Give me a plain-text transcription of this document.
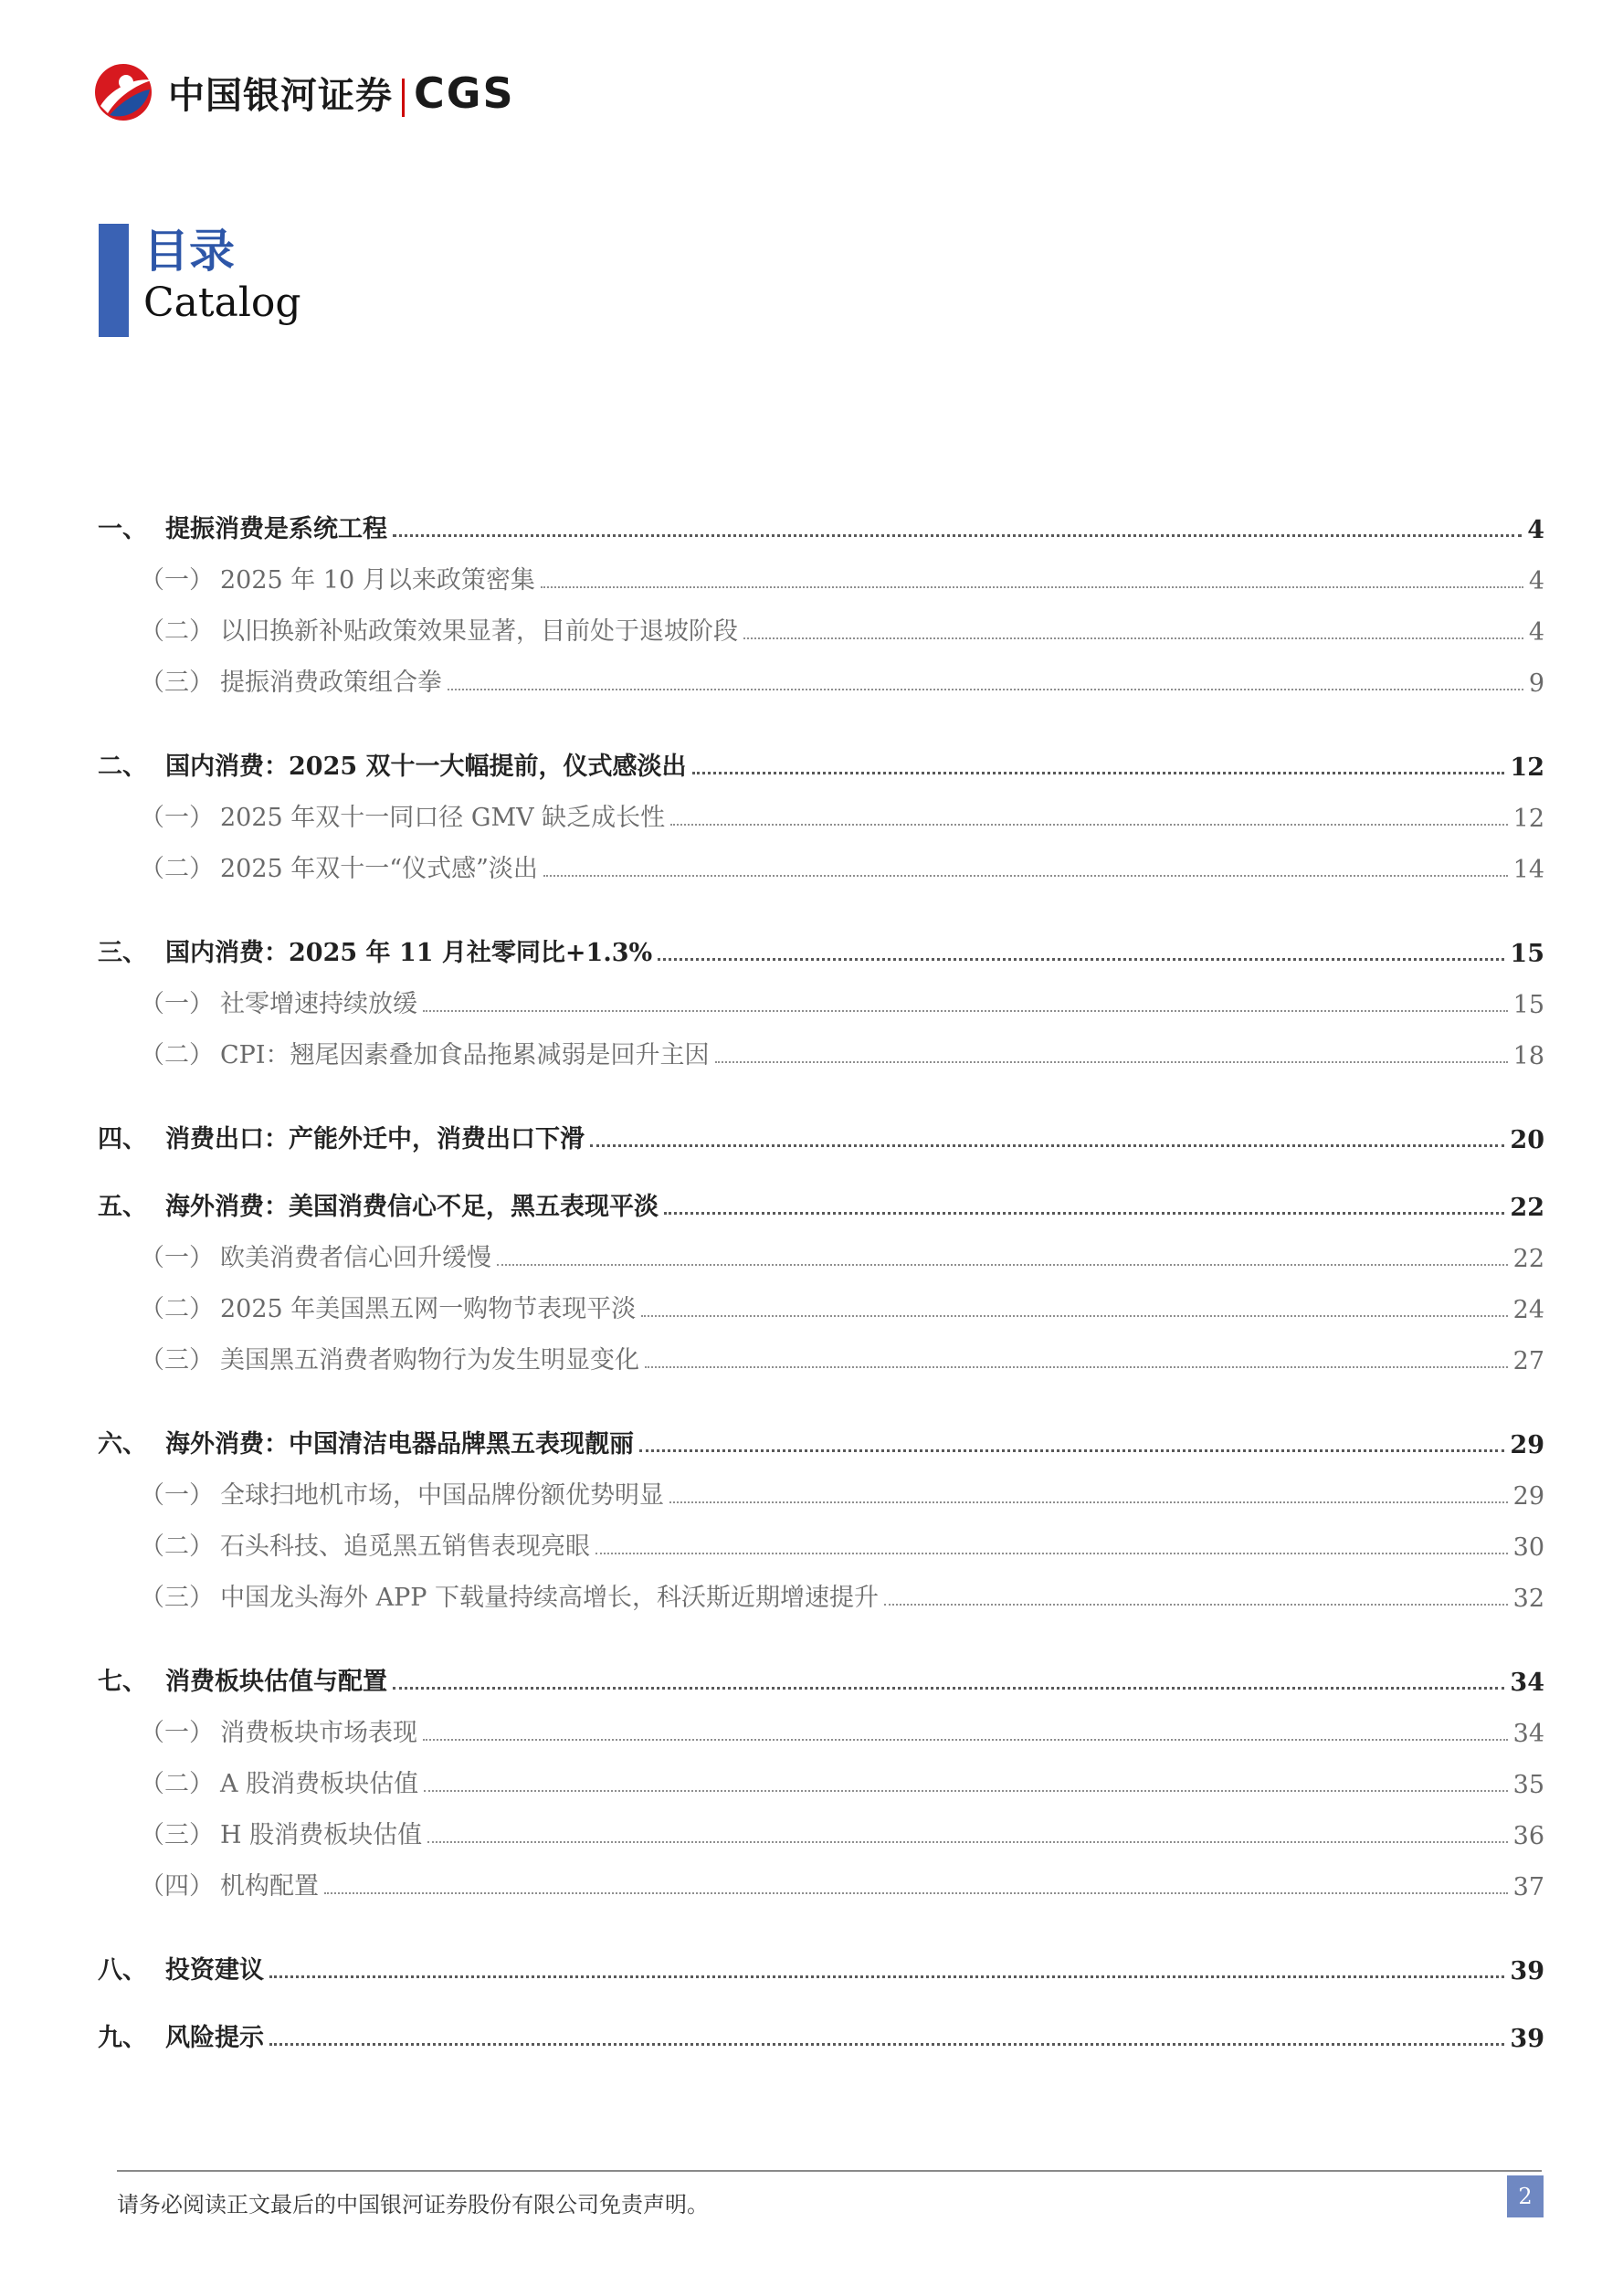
中国银河证券 CGS
目录
Catalog
一、 提振消费是系统工程	4
（一） 2025 年 10 月以来政策密集	4
（二） 以旧换新补贴政策效果显著，目前处于退坡阶段	4
（三） 提振消费政策组合拳	9
二、 国内消费：2025 双十一大幅提前，仪式感淡出	12
（一） 2025 年双十一同口径 GMV 缺乏成长性	12
（二） 2025 年双十一“仪式感”淡出	14
三、 国内消费：2025 年 11 月社零同比+1.3%	15
（一） 社零增速持续放缓	15
（二） CPI：翘尾因素叠加食品拖累减弱是回升主因	18
四、 消费出口：产能外迁中，消费出口下滑	20
五、 海外消费：美国消费信心不足，黑五表现平淡	22
（一） 欧美消费者信心回升缓慢	22
（二） 2025 年美国黑五网一购物节表现平淡	24
（三） 美国黑五消费者购物行为发生明显变化	27
六、 海外消费：中国清洁电器品牌黑五表现靓丽	29
（一） 全球扫地机市场，中国品牌份额优势明显	29
（二） 石头科技、追觅黑五销售表现亮眼	30
（三） 中国龙头海外 APP 下载量持续高增长，科沃斯近期增速提升	32
七、 消费板块估值与配置	34
（一） 消费板块市场表现	34
（二） A 股消费板块估值	35
（三） H 股消费板块估值	36
（四） 机构配置	37
八、 投资建议	39
九、 风险提示	39
请务必阅读正文最后的中国银河证券股份有限公司免责声明。	2
